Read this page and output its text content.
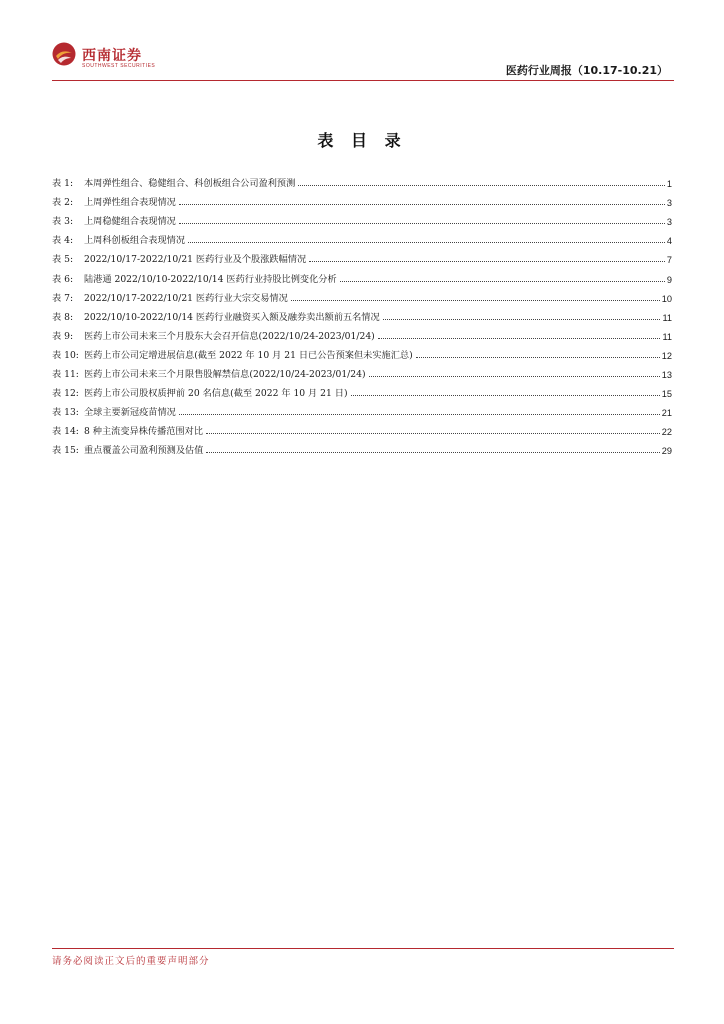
西南证券
SOUTHWEST SECURITIES	医药行业周报（10.17-10.21）
表 目 录
表 1: 本周弹性组合、稳健组合、科创板组合公司盈利预测	1
表 2: 上周弹性组合表现情况	3
表 3: 上周稳健组合表现情况	3
表 4: 上周科创板组合表现情况	4
表 5: 2022/10/17-2022/10/21 医药行业及个股涨跌幅情况	7
表 6: 陆港通 2022/10/10-2022/10/14 医药行业持股比例变化分析	9
表 7: 2022/10/17-2022/10/21 医药行业大宗交易情况	10
表 8: 2022/10/10-2022/10/14 医药行业融资买入额及融券卖出额前五名情况	11
表 9: 医药上市公司未来三个月股东大会召开信息(2022/10/24-2023/01/24)	11
表 10: 医药上市公司定增进展信息(截至 2022 年 10 月 21 日已公告预案但未实施汇总)	12
表 11: 医药上市公司未来三个月限售股解禁信息(2022/10/24-2023/01/24)	13
表 12: 医药上市公司股权质押前 20 名信息(截至 2022 年 10 月 21 日)	15
表 13: 全球主要新冠疫苗情况	21
表 14: 8 种主流变异株传播范围对比	22
表 15: 重点覆盖公司盈利预测及估值	29
请务必阅读正文后的重要声明部分
